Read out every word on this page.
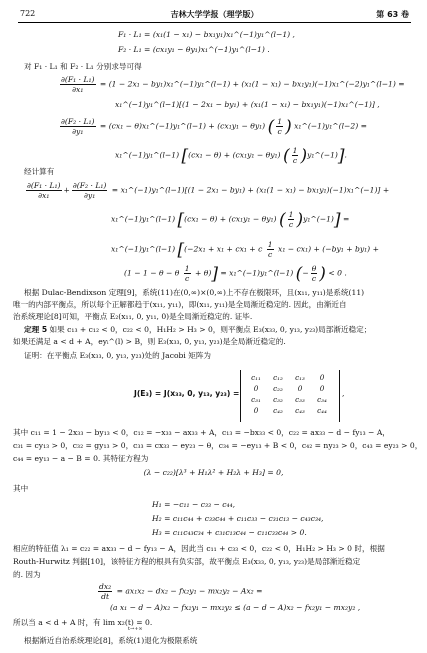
722	吉林大学学报（理学版）	第 63 卷
F₁ · L₁ = (x₁(1 − x₁) − bx₁y₁)x₁^(−1)y₁^(l−1) ,
F₂ · L₁ = (cx₁y₁ − θy₁)x₁^(−1)y₁^(l−1) .
对 F₁ · L₁ 和 F₂ · L₁ 分别求导可得
$\frac{\text{∂(F₁ · L₁)}}{\text{∂x₁}} = (1 - 2x_1$ − by₁)x₁^(−1)y₁^(l−1) + (x₁(1 − x₁) − bx₁y₁)(−1)x₁^(−2)y₁^(l−1) =
x₁^(−1)y₁^(l−1)[(1 − 2x₁ − by₁) + (x₁(1 − x₁) − bx₁y₁)(−1)x₁^(−1)] ,
$\frac{\text{∂(F₂ · L₁)}}{\text{∂y₁}} = (cx_1$ − θ)x₁^(−1)y₁^(l−1) + (cx₁y₁ − θy₁) ( $\frac{1}{c}$ ) x₁^(−1)y₁^(l−2) =
x₁^(−1)y₁^(l−1) [(cx₁ − θ) + (cx₁y₁ − θy₁) ( $\frac{1}{c}$ )y₁^(−1)].
经计算有
$\frac{\text{∂(F₁ · L₁)}}{\text{∂x₁}} + \frac{\text{∂(F₂ · L₁)}}{\text{∂y₁}}$ = x₁^(−1)y₁^(l−1)[(1 − 2x₁ − by₁) + (x₁(1 − x₁) − bx₁y₁)(−1)x₁^(−1)] +
x₁^(−1)y₁^(l−1) [(cx₁ − θ) + (cx₁y₁ − θy₁) ( $\frac{1}{c}$ )y₁^(−1)] =
x₁^(−1)y₁^(l−1) [(−2x₁ + x₁ + cx₁ + c $\frac{1}{c} x_1 - cx_1) + (-by_1 + by_1)$ +
(1 − 1 − θ − θ $\frac{1}{c} + \theta$)] = x₁^(−1)y₁^(l−1) (− $\frac{\theta}{c}$ ) < 0 .
根据 Dulac-Bendixson 定理[9]，系统(11)在(0,∞)×(0,∞)上不存在极限环，且(x₁₁, y₁₁)是系统(11)
唯一的内部平衡点，所以每个正解都趋于(x₁₁, y₁₁)，即(x₁₁, y₁₁)是全局渐近稳定的. 因此，由渐近自
治系统理论[8]可知，平衡点 E₂(x₁₁, 0, y₁₁, 0)是全局渐近稳定的. 证毕.
定理 5 如果 c₁₃ + c₁₂ < 0，c₂₂ < 0，H₁H₂ > H₃ > 0，则平衡点 E₃(x₃₃, 0, y₁₃, y₂₃)局部渐近稳定；
如果还满足 a < d + A，eyᵢ^(l) > B，则 E₃(x₃₃, 0, y₁₃, y₂₃)是全局渐近稳定的.
证明：在平衡点 E₃(x₃₃, 0, y₁₃, y₂₃)处的 Jacobi 矩阵为
J(E₃) = J(x₃₃, 0, y₁₃, y₂₃) =
c₁₁	c₁₂	c₁₃	0
0	c₂₂	0	0
c₃₁	c₃₂	c₃₃	c₃₄
0	c₄₂	c₄₃	c₄₄
,
其中 c₁₁ = 1 − 2x₃₃ − by₁₃ < 0，c₁₂ = −x₃₃ − ax₃₃ + A，c₁₃ = −bx₃₃ < 0，c₂₂ = ax₃₃ − d − fy₁₃ − A，
c₃₁ = cy₁₃ > 0，c₃₂ = gy₁₃ > 0，c₃₃ = cx₃₃ − ey₂₃ − θ，c₃₄ = −ey₁₃ + B < 0，c₄₂ = ny₂₃ > 0，c₄₃ = ey₂₃ > 0，
c₄₄ = ey₁₃ − a − B = 0. 其特征方程为
(λ − c₂₂)[λ³ + H₁λ² + H₂λ + H₃] = 0,
其中
H₁ = −c₁₁ − c₃₃ − c₄₄,
H₂ = c₁₁c₄₄ + c₃₃c₄₄ + c₁₁c₃₃ − c₃₁c₁₃ − c₄₃c₃₄,
H₃ = c₁₁c₄₃c₃₄ + c₃₁c₁₃c₄₄ − c₁₁c₃₃c₄₄ > 0.
相应的特征值 λ₁ = c₂₂ = ax₃₃ − d − fy₁₃ − A，因此当 c₁₁ + c₃₃ < 0，c₂₂ < 0，H₁H₂ > H₃ > 0 时，根据
Routh-Hurwitz 判据[10]，该特征方程的根具有负实部，故平衡点 E₃(x₃₃, 0, y₁₃, y₂₃)是局部渐近稳定
的. 因为
$\frac{\text{dx₂}}{dt} = ax_1x_2 - dx_2 - fx_2y_1 - mx_2y_2 - Ax_2$ =
(a x₁ − d − A)x₂ − fx₂y₁ − mx₂y₂ ≤ (a − d − A)x₂ − fx₂y₁ − mx₂y₂ ,
所以当 a < d + A 时，有 lim x₂(t) = 0.
t→+∞
根据渐近自治系统理论[8]，系统(1)退化为极限系统
